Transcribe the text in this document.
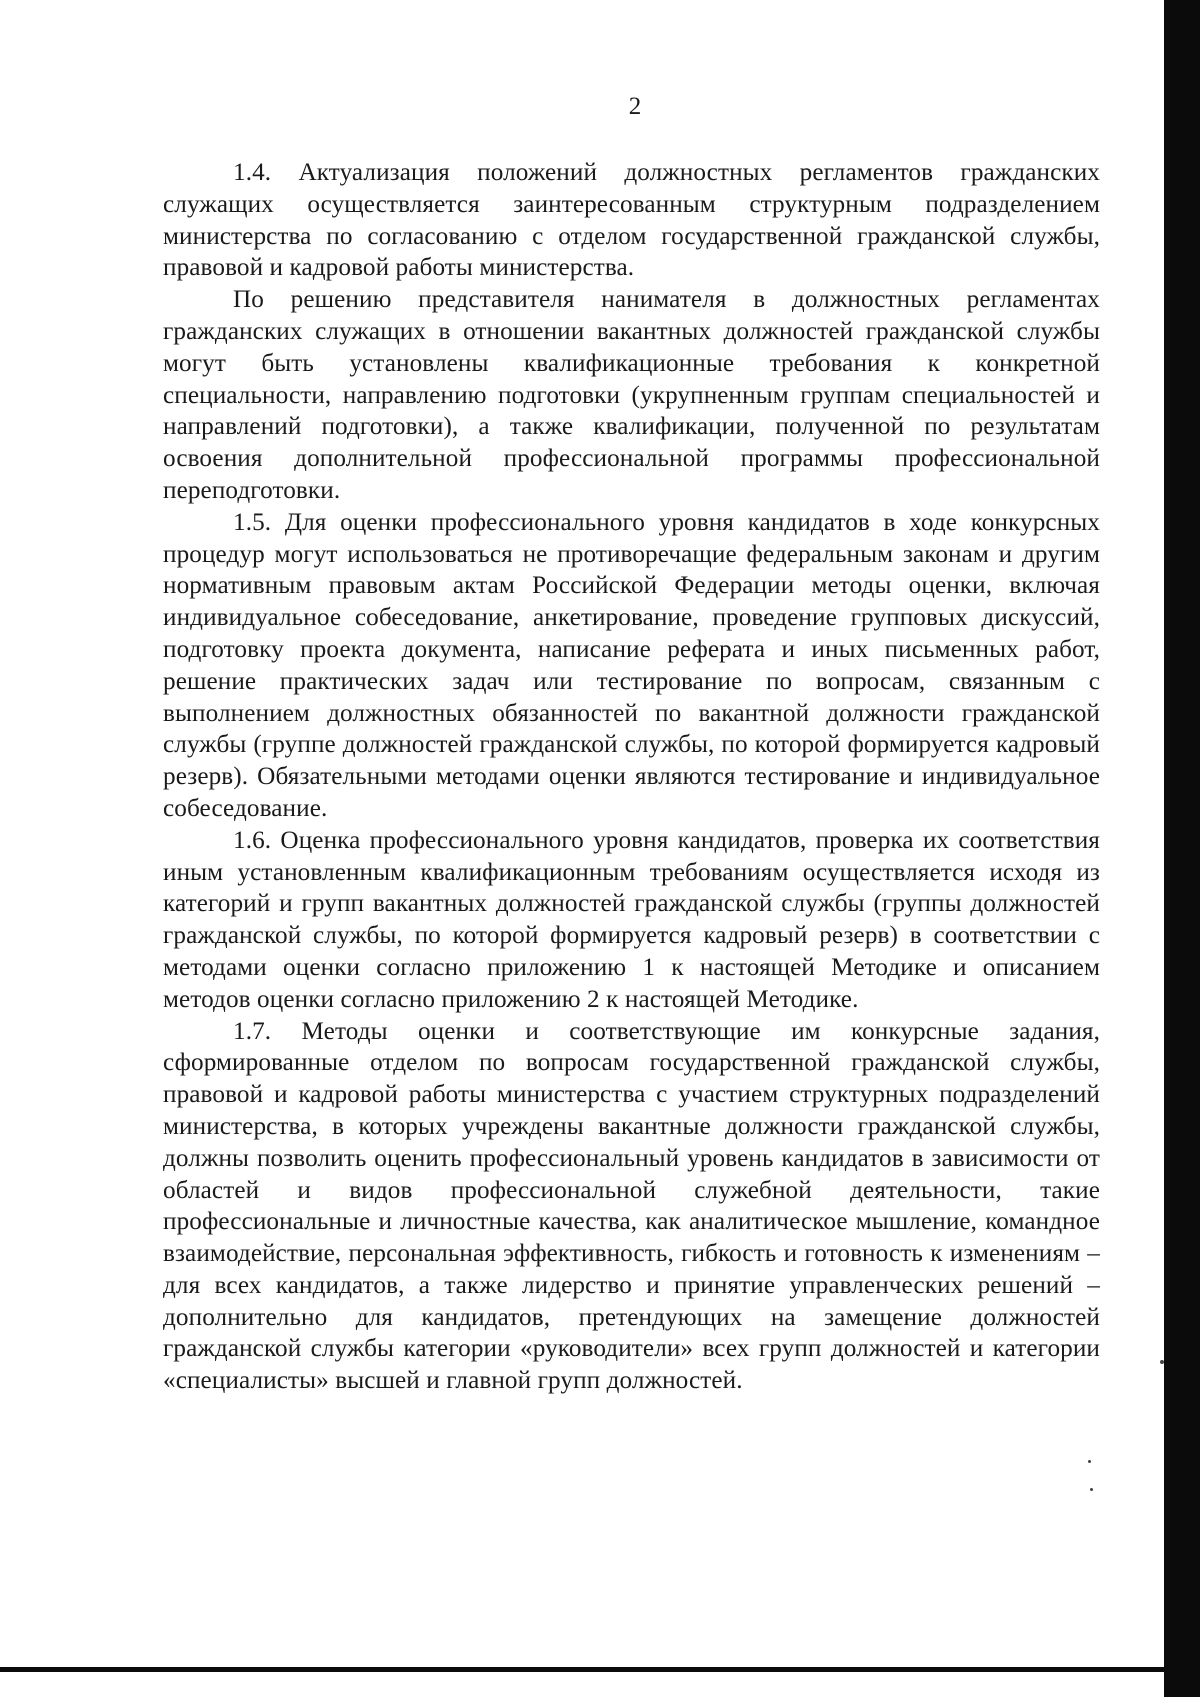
2

1.4. Актуализация положений должностных регламентов гражданских служащих осуществляется заинтересованным структурным подразделением министерства по согласованию с отделом государственной гражданской службы, правовой и кадровой работы министерства.

По решению представителя нанимателя в должностных регламентах гражданских служащих в отношении вакантных должностей гражданской службы могут быть установлены квалификационные требования к конкретной специальности, направлению подготовки (укрупненным группам специальностей и направлений подготовки), а также квалификации, полученной по результатам освоения дополнительной профессиональной программы профессиональной переподготовки.

1.5. Для оценки профессионального уровня кандидатов в ходе конкурсных процедур могут использоваться не противоречащие федеральным законам и другим нормативным правовым актам Российской Федерации методы оценки, включая индивидуальное собеседование, анкетирование, проведение групповых дискуссий, подготовку проекта документа, написание реферата и иных письменных работ, решение практических задач или тестирование по вопросам, связанным с выполнением должностных обязанностей по вакантной должности гражданской службы (группе должностей гражданской службы, по которой формируется кадровый резерв). Обязательными методами оценки являются тестирование и индивидуальное собеседование.

1.6. Оценка профессионального уровня кандидатов, проверка их соответствия иным установленным квалификационным требованиям осуществляется исходя из категорий и групп вакантных должностей гражданской службы (группы должностей гражданской службы, по которой формируется кадровый резерв) в соответствии с методами оценки согласно приложению 1 к настоящей Методике и описанием методов оценки согласно приложению 2 к настоящей Методике.

1.7. Методы оценки и соответствующие им конкурсные задания, сформированные отделом по вопросам государственной гражданской службы, правовой и кадровой работы министерства с участием структурных подразделений министерства, в которых учреждены вакантные должности гражданской службы, должны позволить оценить профессиональный уровень кандидатов в зависимости от областей и видов профессиональной служебной деятельности, такие профессиональные и личностные качества, как аналитическое мышление, командное взаимодействие, персональная эффективность, гибкость и готовность к изменениям – для всех кандидатов, а также лидерство и принятие управленческих решений – дополнительно для кандидатов, претендующих на замещение должностей гражданской службы категории «руководители» всех групп должностей и категории «специалисты» высшей и главной групп должностей.
